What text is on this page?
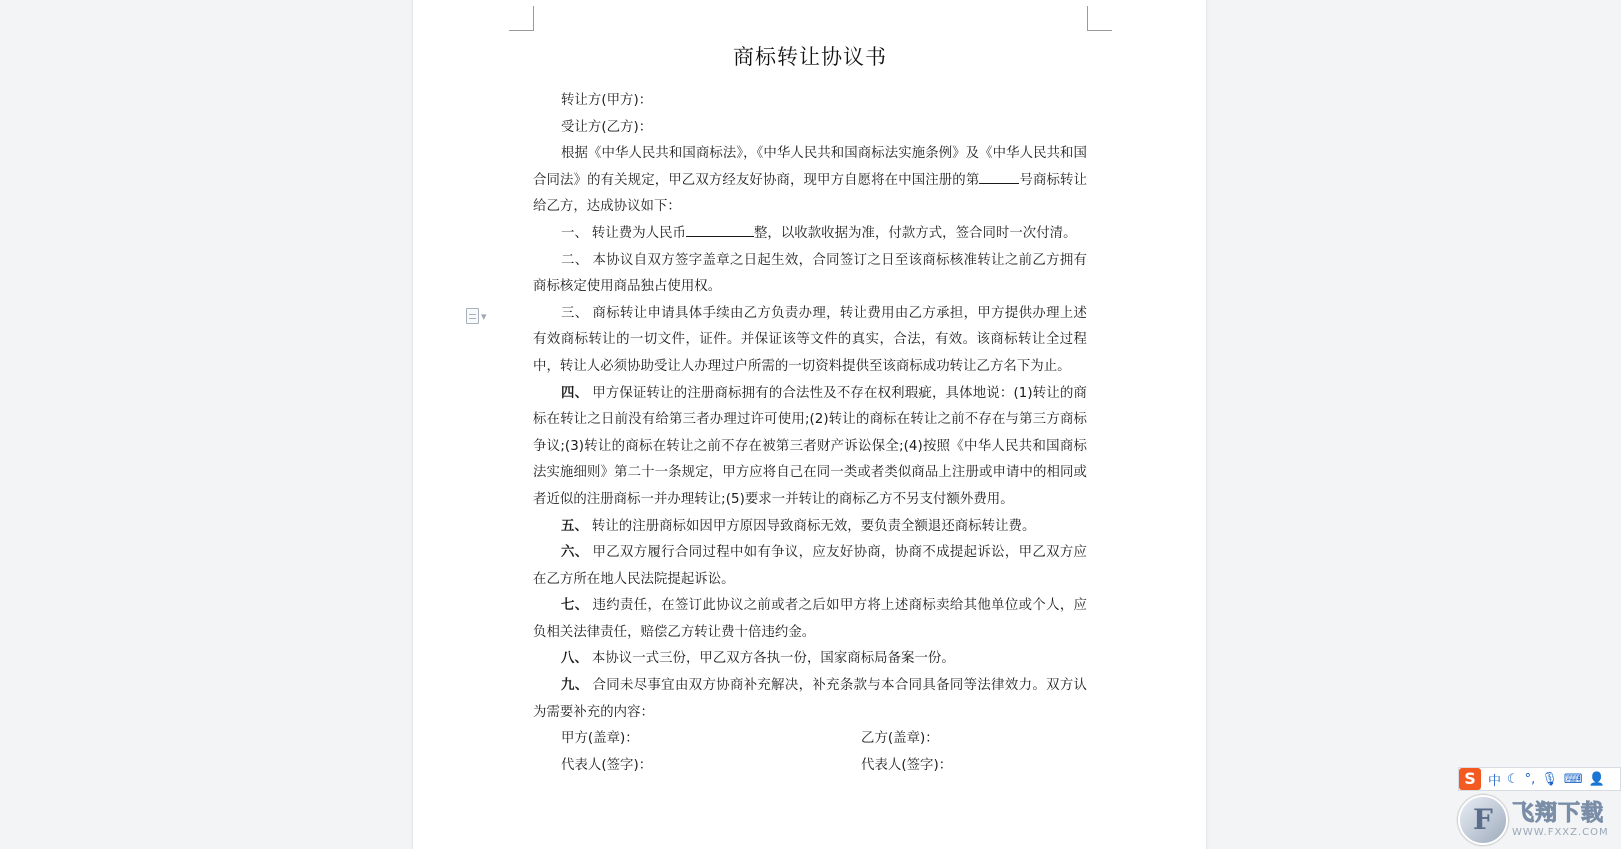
▾
商标转让协议书

转让方(甲方)：

受让方(乙方)：

根据《中华人民共和国商标法》，《中华人民共和国商标法实施条例》及《中华人民共和国合同法》的有关规定，甲乙双方经友好协商，现甲方自愿将在中国注册的第	号商标转让给乙方，达成协议如下：

一、 转让费为人民币	整，以收款收据为准，付款方式，签合同时一次付清。

二、 本协议自双方签字盖章之日起生效，合同签订之日至该商标核准转让之前乙方拥有商标核定使用商品独占使用权。

三、 商标转让申请具体手续由乙方负责办理，转让费用由乙方承担，甲方提供办理上述有效商标转让的一切文件，证件。并保证该等文件的真实，合法，有效。该商标转让全过程中，转让人必须协助受让人办理过户所需的一切资料提供至该商标成功转让乙方名下为止。

四、 甲方保证转让的注册商标拥有的合法性及不存在权利瑕疵，具体地说：(1)转让的商标在转让之日前没有给第三者办理过许可使用;(2)转让的商标在转让之前不存在与第三方商标争议;(3)转让的商标在转让之前不存在被第三者财产诉讼保全;(4)按照《中华人民共和国商标法实施细则》第二十一条规定，甲方应将自己在同一类或者类似商品上注册或申请中的相同或者近似的注册商标一并办理转让;(5)要求一并转让的商标乙方不另支付额外费用。

五、 转让的注册商标如因甲方原因导致商标无效，要负责全额退还商标转让费。

六、 甲乙双方履行合同过程中如有争议，应友好协商，协商不成提起诉讼，甲乙双方应在乙方所在地人民法院提起诉讼。

七、 违约责任，在签订此协议之前或者之后如甲方将上述商标卖给其他单位或个人，应负相关法律责任，赔偿乙方转让费十倍违约金。

八、 本协议一式三份，甲乙双方各执一份，国家商标局备案一份。

九、 合同未尽事宜由双方协商补充解决，补充条款与本合同具备同等法律效力。双方认为需要补充的内容：

甲方(盖章)：	乙方(盖章)：
代表人(签字)：	代表人(签字)：
S 中 ☾ °, 🎙 ⌨ 👤
F 飞翔下载
WWW.FXXZ.COM
